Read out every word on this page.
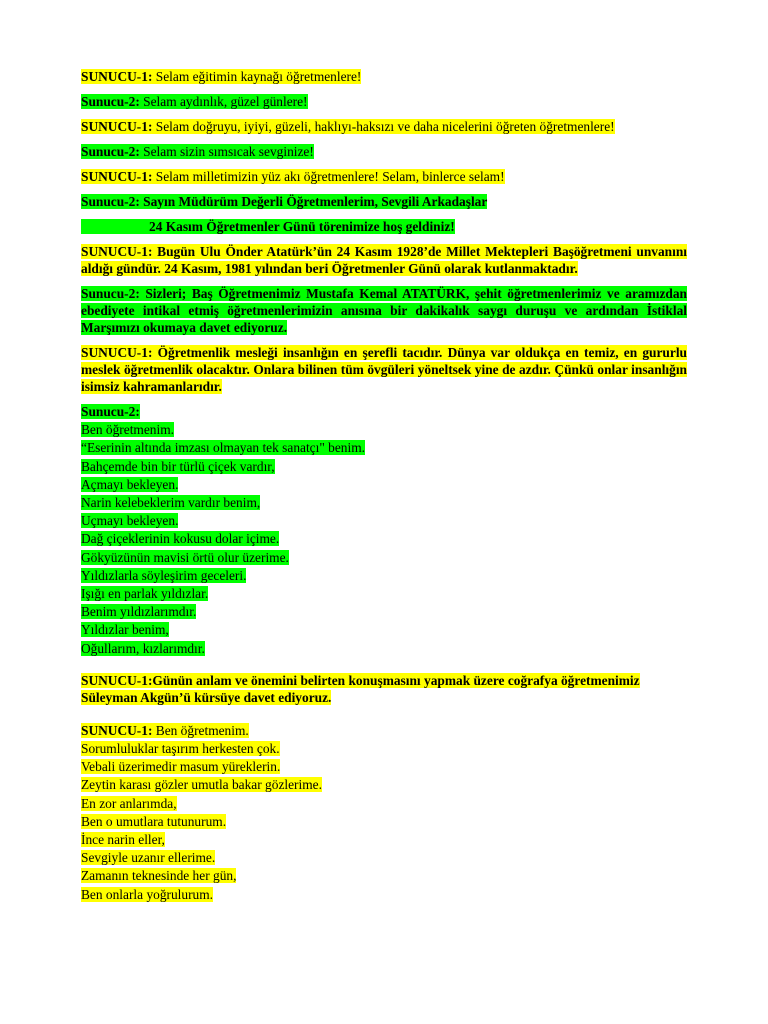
SUNUCU-1: Selam eğitimin kaynağı öğretmenlere!

Sunucu-2: Selam aydınlık, güzel günlere!

SUNUCU-1: Selam doğruyu, iyiyi, güzeli, haklıyı-haksızı ve daha nicelerini öğreten öğretmenlere!

Sunucu-2: Selam sizin sımsıcak sevginize!

SUNUCU-1: Selam milletimizin yüz akı öğretmenlere! Selam, binlerce selam!

Sunucu-2: Sayın Müdürüm Değerli Öğretmenlerim, Sevgili Arkadaşlar

24 Kasım Öğretmenler Günü törenimize hoş geldiniz!

SUNUCU-1: Bugün Ulu Önder Atatürk’ün 24 Kasım 1928’de Millet Mektepleri Başöğretmeni unvanını aldığı gündür. 24 Kasım, 1981 yılından beri Öğretmenler Günü olarak kutlanmaktadır.

Sunucu-2: Sizleri; Baş Öğretmenimiz Mustafa Kemal ATATÜRK, şehit öğretmenlerimiz ve aramızdan ebediyete intikal etmiş öğretmenlerimizin anısına bir dakikalık saygı duruşu ve ardından İstiklal Marşımızı okumaya davet ediyoruz.

SUNUCU-1: Öğretmenlik mesleği insanlığın en şerefli tacıdır. Dünya var oldukça en temiz, en gururlu meslek öğretmenlik olacaktır. Onlara bilinen tüm övgüleri yöneltsek yine de azdır. Çünkü onlar insanlığın isimsiz kahramanlarıdır.

Sunucu-2:

Ben öğretmenim.

“Eserinin altında imzası olmayan tek sanatçı" benim.

Bahçemde bin bir türlü çiçek vardır,

Açmayı bekleyen.

Narin kelebeklerim vardır benim,

Uçmayı bekleyen.

Dağ çiçeklerinin kokusu dolar içime.

Gökyüzünün mavisi örtü olur üzerime.

Yıldızlarla söyleşirim geceleri.

Işığı en parlak yıldızlar.

Benim yıldızlarımdır.

Yıldızlar benim,

Oğullarım, kızlarımdır.

SUNUCU-1:Günün anlam ve önemini belirten konuşmasını yapmak üzere coğrafya öğretmenimiz Süleyman Akgün’ü kürsüye davet ediyoruz.

SUNUCU-1: Ben öğretmenim.

Sorumluluklar taşırım herkesten çok.

Vebali üzerimedir masum yüreklerin.

Zeytin karası gözler umutla bakar gözlerime.

En zor anlarımda,

Ben o umutlara tutunurum.

İnce narin eller,

Sevgiyle uzanır ellerime.

Zamanın teknesinde her gün,

Ben onlarla yoğrulurum.
